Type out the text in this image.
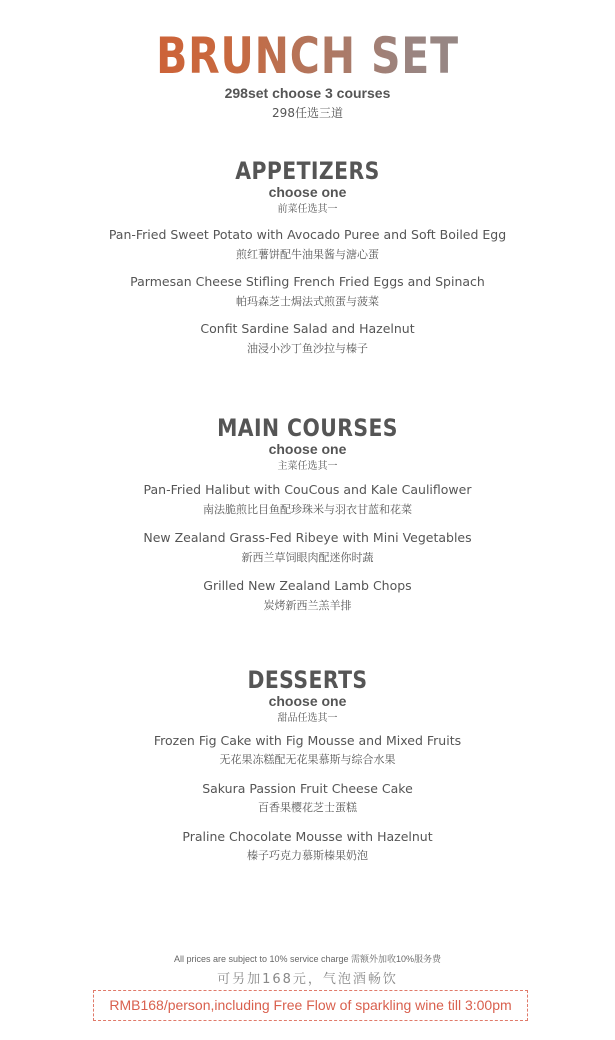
BRUNCH SET
298set choose 3 courses
298任选三道
APPETIZERS
choose one
前菜任选其一
Pan-Fried Sweet Potato with Avocado Puree and Soft Boiled Egg
煎红薯饼配牛油果酱与溏心蛋
Parmesan Cheese Stifling French Fried Eggs and Spinach
帕玛森芝士焗法式煎蛋与菠菜
Confit Sardine Salad and Hazelnut
油浸小沙丁鱼沙拉与榛子
MAIN COURSES
choose one
主菜任选其一
Pan-Fried Halibut with CouCous and Kale Cauliflower
南法脆煎比目鱼配珍珠米与羽衣甘蓝和花菜
New Zealand Grass-Fed Ribeye with Mini Vegetables
新西兰草饲眼肉配迷你时蔬
Grilled New Zealand Lamb Chops
炭烤新西兰羔羊排
DESSERTS
choose one
甜品任选其一
Frozen Fig Cake with Fig Mousse and Mixed Fruits
无花果冻糕配无花果慕斯与综合水果
Sakura Passion Fruit Cheese Cake
百香果樱花芝士蛋糕
Praline Chocolate Mousse with Hazelnut
榛子巧克力慕斯榛果奶泡
All prices are subject to 10% service charge 需额外加收10%服务费
可另加168元，气泡酒畅饮
RMB168/person,including Free Flow of sparkling wine till 3:00pm
